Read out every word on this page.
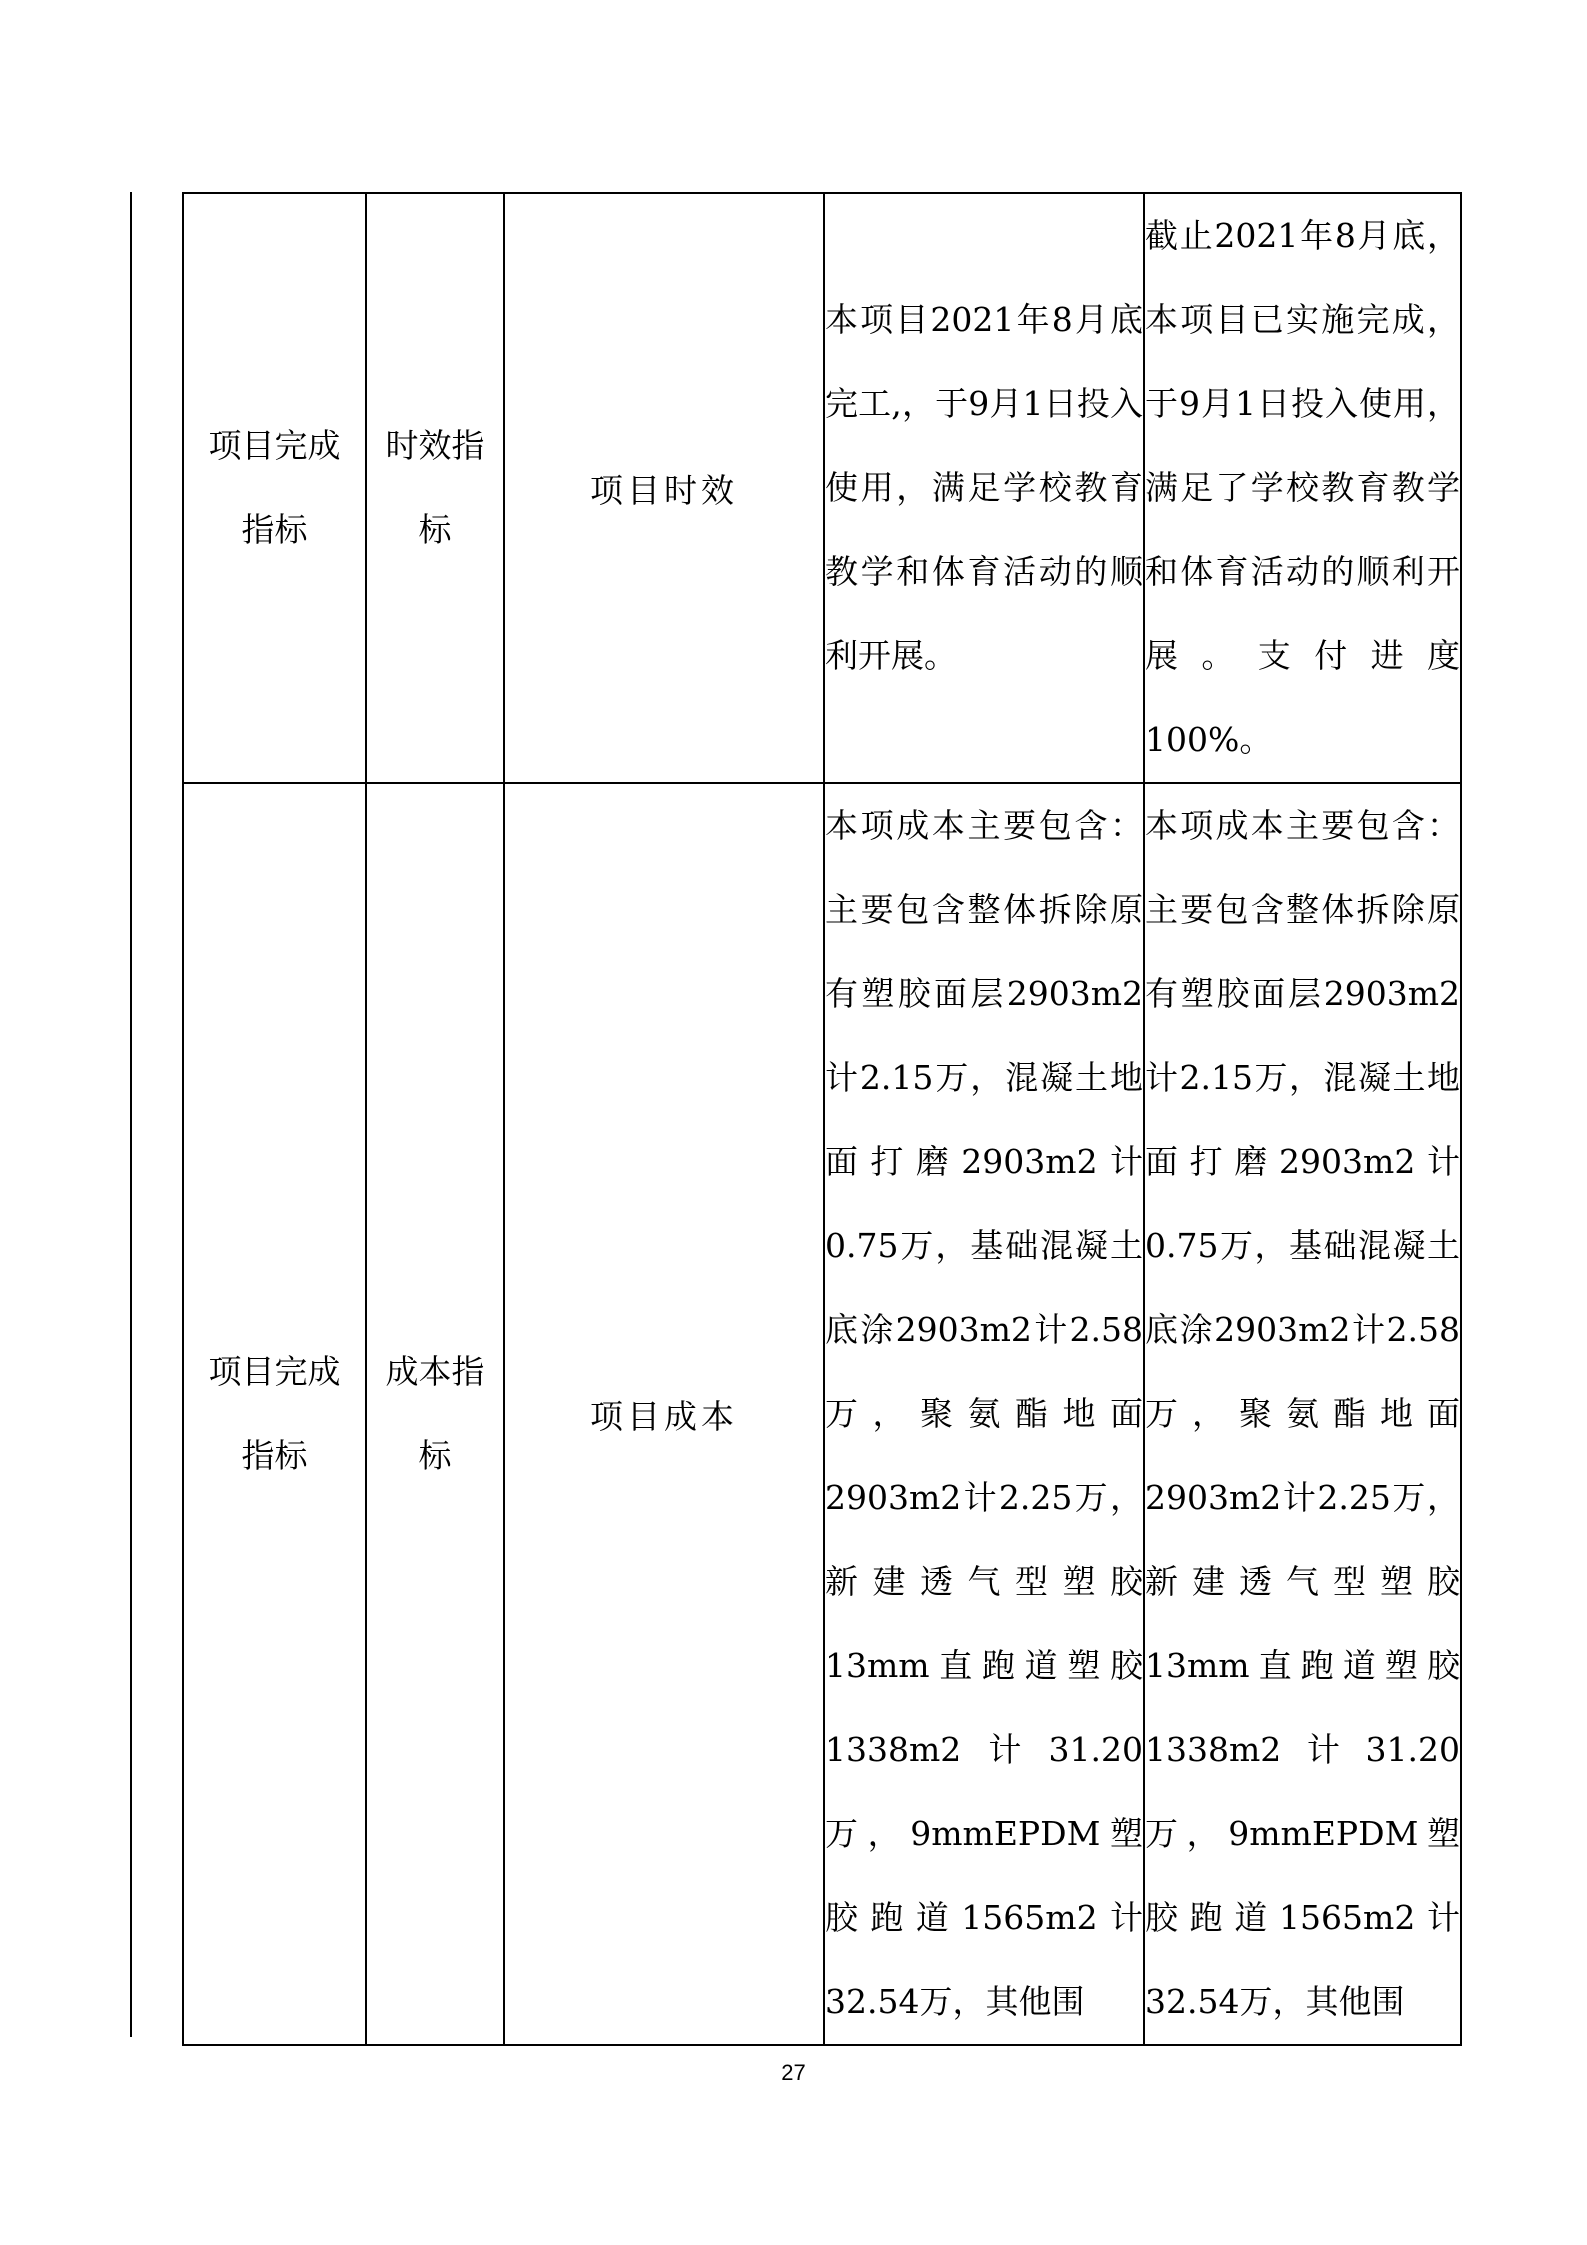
项目完成指标	时效指标	项目时效	本项目2021年8月底完工,，于9月1日投入使用，满足学校教育教学和体育活动的顺利开展。	截止2021年8月底，本项目已实施完成，于9月1日投入使用，满足了学校教育教学和体育活动的顺利开展。支付进度100%。
项目完成指标	成本指标	项目成本	本项成本主要包含：主要包含整体拆除原有塑胶面层2903m2计2.15万，混凝土地面打磨2903m2计0.75万，基础混凝土底涂2903m2计2.58万，聚氨酯地面2903m2计2.25万，新建透气型塑胶13mm直跑道塑胶1338m2计31.20万，9mmEPDM塑胶跑道1565m2计32.54万，其他围	本项成本主要包含：主要包含整体拆除原有塑胶面层2903m2计2.15万，混凝土地面打磨2903m2计0.75万，基础混凝土底涂2903m2计2.58万，聚氨酯地面2903m2计2.25万，新建透气型塑胶13mm直跑道塑胶1338m2计31.20万，9mmEPDM塑胶跑道1565m2计32.54万，其他围
27
